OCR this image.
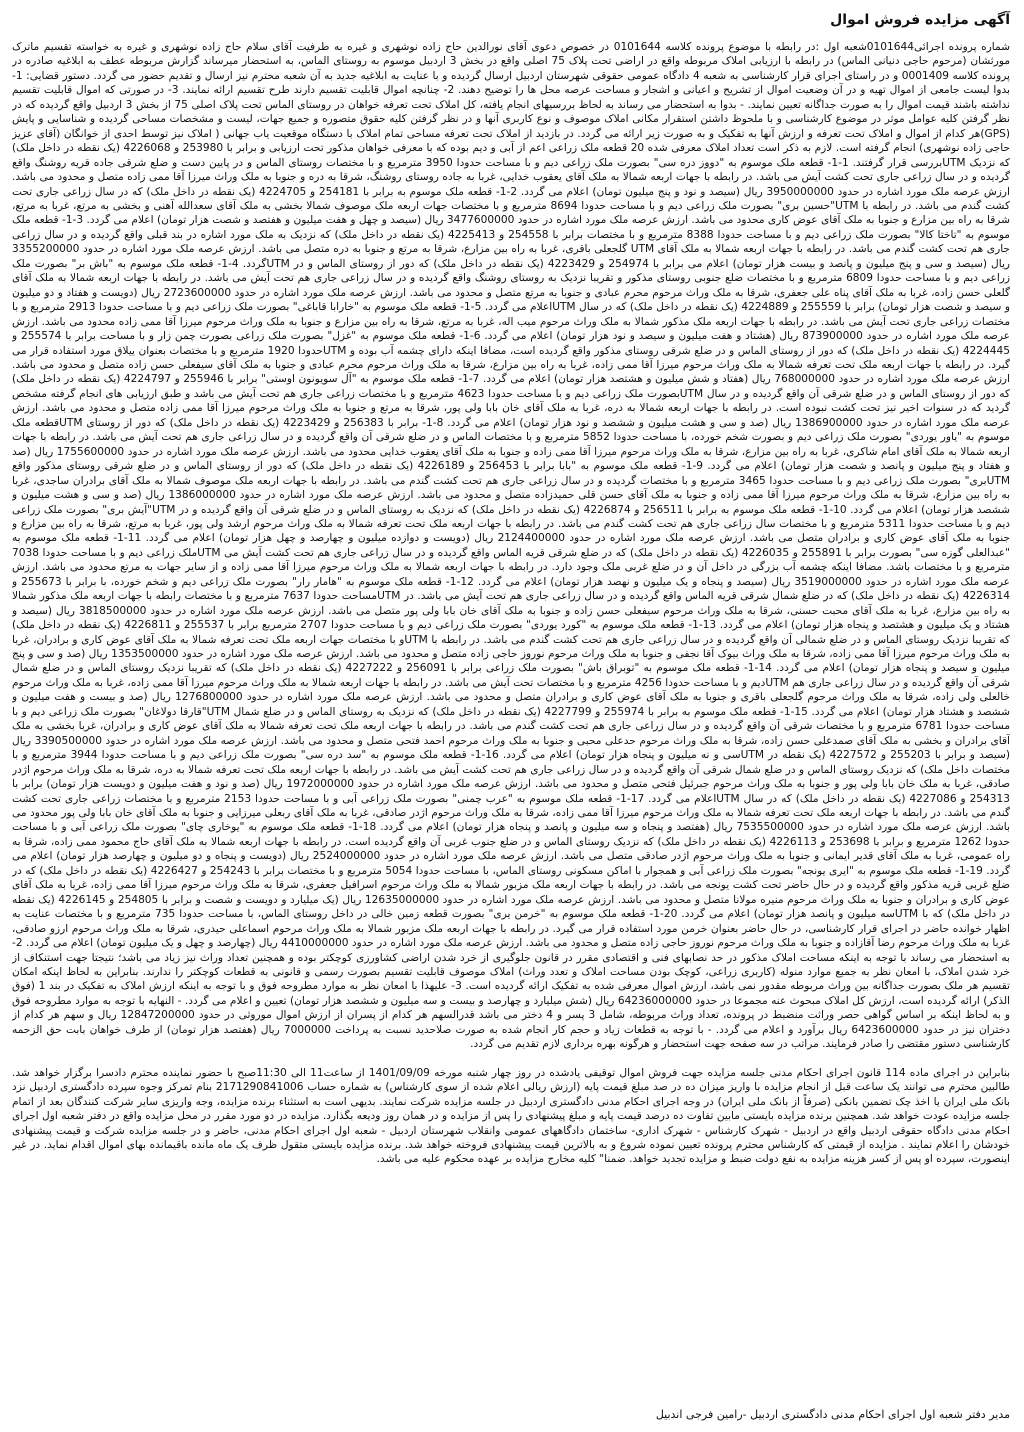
آگهی مزایده فروش اموال

شماره پرونده اجرائی0101644شعبه اول :در رابطه با موضوع پرونده کلاسه 0101644 در خصوص دعوی آقای نورالدین حاج زاده نوشهری و غیره به طرفیت آقای سلام حاج زاده نوشهری و غیره به خواسته تقسیم ماترک مورثشان (مرحوم حاجی دنیانی الماس) در رابطه با ارزیابی املاک مربوطه واقع در اراضی تحت پلاک 75 اصلی واقع در بخش 3 اردبیل موسوم به روستای الماس، به استحضار میرساند گزارش مربوطه عطف به ابلاغیه صادره در پرونده کلاسه 0001409 و در راستای اجرای قرار کارشناسی به شعبه 4 دادگاه عمومی حقوقی شهرستان اردبیل ارسال گردیده و با عنایت به ابلاغیه جدید به آن شعبه محترم نیز ارسال و تقدیم حضور می گردد. دستور قضایی: 1- بدوا لیست جامعی از اموال تهیه و در آن وضعیت اموال از تشریح و اعیانی و اشجار و مساحت عرصه محل ها را توضیح دهند. 2- چنانچه اموال قابلیت تقسیم دارند طرح تقسیم ارائه نمایند. 3- در صورتی که اموال قابلیت تقسیم نداشته باشند قیمت اموال را به صورت جداگانه تعیین نمایند. - بدوا به استحضار می رساند به لحاظ بررسیهای انجام یافته، کل املاک تحت تعرفه خواهان در روستای الماس تحت پلاک اصلی 75 از بخش 3 اردبیل واقع گردیده که در نظر گرفتن کلیه عوامل موثر در موضوع کارشناسی و با ملحوظ داشتن استقرار مکانی املاک موصوف و نوع کاربری آنها و در نظر گرفتن کلیه حقوق متصوره و جمیع جهات، لیست و مشخصات مساحی گردیده و شناسایی و پایش (GPS)هر کدام از اموال و املاک تحت تعرفه و ارزش آنها به تفکیک و به صورت زیر ارائه می گردد. در بازدید از املاک تحت تعرفه مساحی تمام املاک با دستگاه موقعیت یاب جهانی ( املاک نیز توسط احدی از خوانگان (آقای عزیز حاجی زاده نوشهری) انجام گرفته است. لازم به ذکر است تعداد املاک معرفی شده 20 قطعه ملک زراعی اعم از آبی و دیم بوده که با معرفی خواهان مذکور تحت ارزیابی و برابر با 253980 و 4226068 (یک نقطه در داخل ملک) که نزدیک UTMبررسی قرار گرفتند. 1-1- قطعه ملک موسوم به "دووز دره سی" بصورت ملک زراعی دیم و با مساحت حدودا 3950 مترمربع و با مختصات روستای الماس و در پایین دست و ضلع شرقی جاده قریه روشنگ واقع گردیده و در سال زراعی جاری تحت کشت آیش می باشد. در رابطه با جهات اربعه شمالا به ملک آقای یعقوب خدایی، غربا به جاده روستای روشنگ، شرقا به دره و جنوبا به ملک وراث میرزا آقا ممی زاده متصل و محدود می باشد. ارزش عرصه ملک مورد اشاره در حدود 3950000000 ریال (سیصد و نود و پنج میلیون تومان) اعلام می گردد. 2-1- قطعه ملک موسوم به برابر با 254181 و 4224705 (یک نقطه در داخل ملک) که در سال زراعی جاری تحت کشت گندم می باشد. در رابطه با UTM"حسین بری" بصورت ملک زراعی دیم و با مساحت حدودا 8694 مترمربع و با مختصات جهات اربعه ملک موصوف شمالا بخشی به ملک آقای سعدالله آهنی و بخشی به مرتع، غربا به مرتع، شرقا به راه بین مزارع و جنوبا به ملک آقای عوض کاری محدود می باشد. ارزش عرصه ملک مورد اشاره در حدود 3477600000 ریال (سیصد و چهل و هفت میلیون و هفتصد و شصت هزار تومان) اعلام می گردد. 3-1- قطعه ملک موسوم به "تاختا کالا" بصورت ملک زراعی دیم و با مساحت حدودا 8388 مترمربع و با مختصات برابر با 254558 و 4225413 (یک نقطه در داخل ملک) که نزدیک به ملک مورد اشاره در بند قبلی واقع گردیده و در سال زراعی جاری هم تحت کشت گندم می باشد. در رابطه با جهات اربعه شمالا به ملک آقای UTM گلجعلی باقری، غربا به راه بین مزارع، شرقا به مرتع و جنوبا به دره متصل می باشد. ارزش عرصه ملک مورد اشاره در حدود 3355200000 ریال (سیصد و سی و پنج میلیون و پانصد و بیست هزار تومان) اعلام می برابر با 254974 و 4223429 (یک نقطه در داخل ملک) که دور از روستای الماس و در UTMگردد. 4-1- قطعه ملک موسوم به "باش بر" بصورت ملک زراعی دیم و با مساحت حدودا 6809 مترمربع و با مختصات ضلع جنوبی روستای مذکور و تقریبا نزدیک به روستای روشنگ واقع گردیده و در سال زراعی جاری هم تحت آیش می باشد. در رابطه با جهات اربعه شمالا به ملک آقای گلعلی حسن زاده، غربا به ملک آقای پناه علی جعفری، شرقا به ملک وراث مرحوم محرم عبادی و جنوبا به مرتع متصل و محدود می باشد. ارزش عرصه ملک مورد اشاره در حدود 2723600000 ریال (دویست و هفتاد و دو میلیون و سیصد و شصت هزار تومان) برابر با 255559 و 4224889 (یک نقطه در داخل ملک) که در سال UTMاعلام می گردد. 5-1- قطعه ملک موسوم به "خارابا قاباغی" بصورت ملک زراعی دیم و با مساحت حدودا 2913 مترمربع و با مختصات زراعی جاری تحت آیش می باشد. در رابطه با جهات اربعه ملک مذکور شمالا به ملک وراث مرحوم میب اله، غربا به مرتع، شرقا به راه بین مزارع و جنوبا به ملک وراث مرحوم میرزا آقا ممی زاده محدود می باشد. ارزش عرصه ملک مورد اشاره در حدود 873900000 ریال (هشتاد و هفت میلیون و سیصد و نود هزار تومان) اعلام می گردد. 6-1- قطعه ملک موسوم به "غزل" بصورت ملک زراعی بصورت چمن زار و با مساحت برابر با 255574 و 4224445 (یک نقطه در داخل ملک) که دور از روستای الماس و در ضلع شرقی روستای مذکور واقع گردیده است، مضافا اینکه دارای چشمه آب بوده و UTMحدودا 1920 مترمربع و با مختصات بعنوان ییلاق مورد استفاده قرار می گیرد. در رابطه با جهات اربعه ملک تحت تعرفه شمالا به ملک وراث مرحوم میرزا آقا ممی زاده، غربا به راه بین مزارع، شرقا به ملک وراث مرحوم محرم عبادی و جنوبا به ملک آقای سیفعلی حسن زاده متصل و محدود می باشد. ارزش عرصه ملک مورد اشاره در حدود 768000000 ریال (هفتاد و شش میلیون و هشتصد هزار تومان) اعلام می گردد. 7-1- قطعه ملک موسوم به "آل سویونون اوستی" برابر با 255946 و 4224797 (یک نقطه در داخل ملک) که دور از روستای الماس و در ضلع شرقی آن واقع گردیده و در سال UTMبصورت ملک زراعی دیم و با مساحت حدودا 4623 مترمربع و با مختصات زراعی جاری هم تحت آیش می باشد و طبق ارزیابی های انجام گرفته مشخص گردید که در سنوات اخیر نیز تحت کشت نبوده است. در رابطه با جهات اربعه شمالا به دره، غربا به ملک آقای خان بابا ولی پور، شرقا به مرتع و جنوبا به ملک وراث مرحوم میرزا آقا ممی زاده متصل و محدود می باشد. ارزش عرصه ملک مورد اشاره در حدود 1386900000 ریال (صد و سی و هشت میلیون و ششصد و نود هزار تومان) اعلام می گردد. 8-1- برابر با 256383 و 4223429 (یک نقطه در داخل ملک) که دور از روستای UTMقطعه ملک موسوم به "یاور یوردی" بصورت ملک زراعی دیم و بصورت شخم خورده، با مساحت حدودا 5852 مترمربع و با مختصات الماس و در ضلع شرقی آن واقع گردیده و در سال زراعی جاری هم تحت آیش می باشد. در رابطه با جهات اربعه شمالا به ملک آقای امام شاکری، غربا به راه بین مزارع، شرقا به ملک وراث مرحوم میرزا آقا ممی زاده و جنوبا به ملک آقای یعقوب خدایی محدود می باشد. ارزش عرصه ملک مورد اشاره در حدود 1755600000 ریال (صد و هفتاد و پنج میلیون و پانصد و شصت هزار تومان) اعلام می گردد. 9-1- قطعه ملک موسوم به "بابا برابر با 256453 و 4226189 (یک نقطه در داخل ملک) که دور از روستای الماس و در ضلع شرقی روستای مذکور واقع UTMبری" بصورت ملک زراعی دیم و با مساحت حدودا 3465 مترمربع و با مختصات گردیده و در سال زراعی جاری هم تحت کشت گندم می باشد. در رابطه با جهات اربعه ملک موصوف شمالا به ملک آقای برادران ساجدی، غربا به راه بین مزارع، شرقا به ملک وراث مرحوم میرزا آقا ممی زاده و جنوبا به ملک آقای حسن قلی حمیدزاده متصل و محدود می باشد. ارزش عرصه ملک مورد اشاره در حدود 1386000000 ریال (صد و سی و هشت میلیون و ششصد هزار تومان) اعلام می گردد. 10-1- قطعه ملک موسوم به برابر با 256511 و 4226874 (یک نقطه در داخل ملک) که نزدیک به روستای الماس و در ضلع شرقی آن واقع گردیده و در UTM"آیش بری" بصورت ملک زراعی دیم و با مساحت حدودا 5311 مترمربع و با مختصات سال زراعی جاری هم تحت کشت گندم می باشد. در رابطه با جهات اربعه ملک تحت تعرفه شمالا به ملک وراث مرحوم ارشد ولی پور، غربا به مرتع، شرقا به راه بین مزارع و جنوبا به ملک آقای عوض کاری و برادران متصل می باشد. ارزش عرصه ملک مورد اشاره در حدود 2124400000 ریال (دویست و دوازده میلیون و چهارصد و چهل هزار تومان) اعلام می گردد. 11-1- قطعه ملک موسوم به "عبدالعلی گوزه سی" بصورت برابر با 255891 و 4226035 (یک نقطه در داخل ملک) که در ضلع شرقی قریه الماس واقع گردیده و در سال زراعی جاری هم تحت کشت آیش می UTMملک زراعی دیم و با مساحت حدودا 7038 مترمربع و با مختصات باشد. مضافا اینکه چشمه آب بزرگی در داخل آن و در ضلع غربی ملک وجود دارد. در رابطه با جهات اربعه شمالا به ملک وراث مرحوم میرزا آقا ممی زاده و از سایر جهات به مرتع محدود می باشد. ارزش عرصه ملک مورد اشاره در حدود 3519000000 ریال (سیصد و پنجاه و یک میلیون و نهصد هزار تومان) اعلام می گردد. 12-1- قطعه ملک موسوم به "هامار رار" بصورت ملک زراعی دیم و شخم خورده، با برابر با 255673 و 4226314 (یک نقطه در داخل ملک) که در ضلع شمال شرقی قریه الماس واقع گردیده و در سال زراعی جاری هم تحت آیش می باشد. در UTMمساحت حدودا 7637 مترمربع و با مختصات رابطه با جهات اربعه ملک مذکور شمالا به راه بین مزارع، غربا به ملک آقای محبت حسنی، شرقا به ملک وراث مرحوم سیفعلی حسن زاده و جنوبا به ملک آقای خان بابا ولی پور متصل می باشد. ارزش عرصه ملک مورد اشاره در حدود 3818500000 ریال (سیصد و هشتاد و یک میلیون و هشتصد و پنجاه هزار تومان) اعلام می گردد. 13-1- قطعه ملک موسوم به "کورد یوردی" بصورت ملک زراعی دیم و با مساحت حدودا 2707 مترمربع برابر با 255537 و 4226811 (یک نقطه در داخل ملک) که تقریبا نزدیک روستای الماس و در ضلع شمالی آن واقع گردیده و در سال زراعی جاری هم تحت کشت گندم می باشد. در رابطه با UTMو با مختصات جهات اربعه ملک تحت تعرفه شمالا به ملک آقای عوض کاری و برادران، غربا به ملک وراث مرحوم میرزا آقا ممی زاده، شرقا به ملک وراث بیوک آقا نجفی و جنوبا به ملک وراث مرحوم نوروز حاجی زاده متصل و محدود می باشد. ارزش عرصه ملک مورد اشاره در حدود 1353500000 ریال (صد و سی و پنج میلیون و سیصد و پنجاه هزار تومان) اعلام می گردد. 14-1- قطعه ملک موسوم به "توبراق باش" بصورت ملک زراعی برابر با 256091 و 4227222 (یک نقطه در داخل ملک) که تقریبا نزدیک روستای الماس و در ضلع شمال شرقی آن واقع گردیده و در سال زراعی جاری هم UTMدیم و با مساحت حدودا 4256 مترمربع و با مختصات تحت آیش می باشد. در رابطه با جهات اربعه شمالا به ملک وراث مرحوم میرزا آقا ممی زاده، غربا به ملک وراث مرحوم خالعلی ولی زاده، شرقا به ملک وراث مرحوم گلجعلی باقری و جنوبا به ملک آقای عوض کاری و برادران متصل و محدود می باشد. ارزش عرصه ملک مورد اشاره در حدود 1276800000 ریال (صد و بیست و هفت میلیون و ششصد و هشتاد هزار تومان) اعلام می گردد. 15-1- قطعه ملک موسوم به برابر با 255974 و 4227799 (یک نقطه در داخل ملک) که نزدیک به روستای الماس و در ضلع شمال UTM"قارقا دولاغان" بصورت ملک زراعی دیم و با مساحت حدودا 6781 مترمربع و با مختصات شرقی آن واقع گردیده و در سال زراعی جاری هم تحت کشت گندم می باشد. در رابطه با جهات اربعه ملک تحت تعرفه شمالا به ملک آقای عوض کاری و برادران، غربا بخشی به ملک آقای برادران و بخشی به ملک آقای صمدعلی حسن زاده، شرقا به ملک وراث مرحوم حدعلی محبی و جنوبا به ملک وراث مرحوم احمد فتحی متصل و محدود می باشد. ارزش عرصه ملک مورد اشاره در حدود 3390500000 ریال (سیصد و برابر با 255203 و 4227572 (یک نقطه در UTMسی و نه میلیون و پنجاه هزار تومان) اعلام می گردد. 16-1- قطعه ملک موسوم به "سد دره سی" بصورت ملک زراعی دیم و با مساحت حدودا 3944 مترمربع و با مختصات داخل ملک) که نزدیک روستای الماس و در ضلع شمال شرقی آن واقع گردیده و در سال زراعی جاری هم تحت کشت آیش می باشد. در رابطه با جهات اربعه ملک تحت تعرفه شمالا به دره، شرقا به ملک وراث مرحوم اژدر صادقی، غربا به ملک خان بابا ولی پور و جنوبا به ملک وراث مرحوم جبرئیل فتحی متصل و محدود می باشد. ارزش عرصه ملک مورد اشاره در حدود 1972000000 ریال (صد و نود و هفت میلیون و دویست هزار تومان) برابر با 254313 و 4227086 (یک نقطه در داخل ملک) که در سال UTMاعلام می گردد. 17-1- قطعه ملک موسوم به "عرب چمنی" بصورت ملک زراعی آبی و با مساحت حدودا 2153 مترمربع و با مختصات زراعی جاری تحت کشت گندم می باشد. در رابطه با جهات اربعه ملک تحت تعرفه شمالا به ملک وراث مرحوم میرزا آقا ممی زاده، شرقا به ملک وراث مرحوم اژدر صادقی، غربا به ملک آقای ربعلی میرزایی و جنوبا به ملک آقای خان بابا ولی پور محدود می باشد. ارزش عرصه ملک مورد اشاره در حدود 7535500000 ریال (هفتصد و پنجاه و سه میلیون و پانصد و پنجاه هزار تومان) اعلام می گردد. 18-1- قطعه ملک موسوم به "یوخاری چای" بصورت ملک زراعی آبی و با مساحت حدودا 1262 مترمربع و برابر با 253698 و 4226113 (یک نقطه در داخل ملک) که نزدیک روستای الماس و در ضلع جنوب غربی آن واقع گردیده است. در رابطه با جهات اربعه شمالا به ملک آقای حاج محمود ممی زاده، شرقا به راه عمومی، غربا به ملک آقای قدیر ایمانی و جنوبا به ملک وراث مرحوم اژدر صادقی متصل می باشد. ارزش عرصه ملک مورد اشاره در حدود 2524000000 ریال (دویست و پنجاه و دو میلیون و چهارصد هزار تومان) اعلام می گردد. 19-1- قطعه ملک موسوم به "ایری یونجه" بصورت ملک زراعی آبی و همجوار با اماکن مسکونی روستای الماس، با مساحت حدودا 5054 مترمربع و با مختصات برابر با 254243 و 4226427 (یک نقطه در داخل ملک) که در ضلع غربی قریه مذکور واقع گردیده و در حال حاضر تحت کشت یونجه می باشد. در رابطه با جهات اربعه ملک مزبور شمالا به ملک وراث مرحوم اسرافیل جعفری، شرقا به ملک وراث مرحوم میرزا آقا ممی زاده، غربا به ملک آقای عوض کاری و برادران و جنوبا به ملک وراث مرحوم منیره مولانا متصل و محدود می باشد. ارزش عرصه ملک مورد اشاره در حدود 12635000000 ریال (یک میلیارد و دویست و شصت و برابر با 254805 و 4226145 (یک نقطه در داخل ملک) که با UTMسه میلیون و پانصد هزار تومان) اعلام می گردد. 20-1- قطعه ملک موسوم به "خرمن یری" بصورت قطعه زمین خالی در داخل روستای الماس، با مساحت حدودا 735 مترمربع و با مختصات عنایت به اظهار خوانده حاضر در اجرای قرار کارشناسی، در حال حاضر بعنوان خرمن مورد استفاده قرار می گیرد. در رابطه با جهات اربعه ملک مزبور شمالا به ملک وراث مرحوم اسماعلی حیدری، شرقا به ملک وراث مرحوم ارزو صادقی، غربا به ملک وراث مرحوم رضا آقازاده و جنوبا به ملک وراث مرحوم نوروز حاجی زاده متصل و محدود می باشد. ارزش عرصه ملک مورد اشاره در حدود 4410000000 ریال (چهارصد و چهل و یک میلیون تومان) اعلام می گردد. 2- به استحضار می رساند با توجه به اینکه مساحت املاک مذکور در حد نصابهای فنی و اقتصادی مقرر در قانون جلوگیری از خرد شدن اراضی کشاورزی کوچکتر بوده و همچنین تعداد وراث نیز زیاد می باشد؛ نتیجتا جهت استنکاف از خرد شدن املاک، با امعان نظر به جمیع موارد منوله (کاربری زراعی، کوچک بودن مساحت املاک و تعدد وراث) املاک موصوف قابلیت تقسیم بصورت رسمی و قانونی به قطعات کوچکتر را ندارند. بنابراین به لحاظ اینکه امکان تقسیم هر ملک بصورت جداگانه بین وراث مربوطه مقدور نمی باشد، ارزش اموال معرفی شده به تفکیک ارائه گردیده است. 3- علیهذا با امعان نظر به موارد مطروحه فوق و با توجه به اینکه ارزش املاک به تفکیک در بند 1 (فوق الذکر) ارائه گردیده است، ارزش کل املاک مبحوث عنه مجموعا در حدود 64236000000 ریال (شش میلیارد و چهارصد و بیست و سه میلیون و ششصد هزار تومان) تعیین و اعلام می گردد. - النهایه با توجه به موارد مطروحه فوق و به لحاظ اینکه بر اساس گواهی حصر وراثت منضبط در پرونده، تعداد وراث مربوطه، شامل 3 پسر و 4 دختر می باشد قدرالسهم هر کدام از پسران از ارزش اموال موروثی در حدود 12847200000 ریال و سهم هر کدام از دختران نیز در حدود 6423600000 ریال برآورد و اعلام می گردد. - با توجه به قطعات زیاد و حجم کار انجام شده به صورت صلاحدید نسبت به پرداخت 7000000 ریال (هفتصد هزار تومان) از طرف خواهان بابت حق الزحمه کارشناسی دستور مقتضی را صادر فرمایند. مراتب در سه صفحه جهت استحضار و هرگونه بهره برداری لازم تقدیم می گردد.

بنابراین در اجرای ماده 114 قانون اجرای احکام مدنی جلسه مزایده جهت فروش اموال توقیفی یادشده در روز چهار شنبه مورخه 1401/09/09 از ساعت11 الی 11:30صبح با حضور نماینده محترم دادسرا برگزار خواهد شد. طالبین محترم می توانند یک ساعت قبل از انجام مزایده با واریز میزان ده در صد مبلغ قیمت پایه (ارزش ریالی اعلام شده از سوی کارشناس) به شماره حساب 2171290841006 بنام تمرکز وجوه سپرده دادگستری اردبیل نزد بانک ملی ایران یا اخذ چک تضمین بانکی (صرفاً از بانک ملی ایران) در وجه اجرای احکام مدنی دادگستری اردبیل در جلسه مزایده شرکت نمایند. بدیهی است به استثناء برنده مزایده، وجه واریزی سایر شرکت کنندگان بعد از اتمام جلسه مزایده عودت خواهد شد. همچنین برنده مزایده بایستی مابین تفاوت ده درصد قیمت پایه و مبلغ پیشنهادی را پس از مزایده و در همان روز ودیعه بگذارد. مزایده در دو مورد مقرر در محل مزایده واقع در دفتر شعبه اول اجرای احکام مدنی دادگاه حقوقی اردبیل واقع در اردبیل - شهرک کارشناس - شهرک اداری- ساختمان دادگاههای عمومی وانقلاب شهرستان اردبیل - شعبه اول اجرای احکام مدنی، حاضر و در جلسه مزایده شرکت و قیمت پیشنهادی خودشان را اعلام نمایند . مزایده از قیمتی که کارشناس محترم پرونده تعیین نموده شروع و به بالاترین قیمت پیشنهادی فروخته خواهد شد. برنده مزایده بایستی متقول ظرف یک ماه مانده باقیمانده بهای اموال اقدام نماید. در غیر اینصورت، سپرده او پس از کسر هزینه مزایده به نفع دولت ضبط و مزایده تجدید خواهد. ضمنا" کلیه مخارج مزایده بر عهده محکوم علیه می باشد.

مدیر دفتر شعبه اول اجرای احکام مدنی دادگستری اردبیل -رامین فرجی اندبیل
